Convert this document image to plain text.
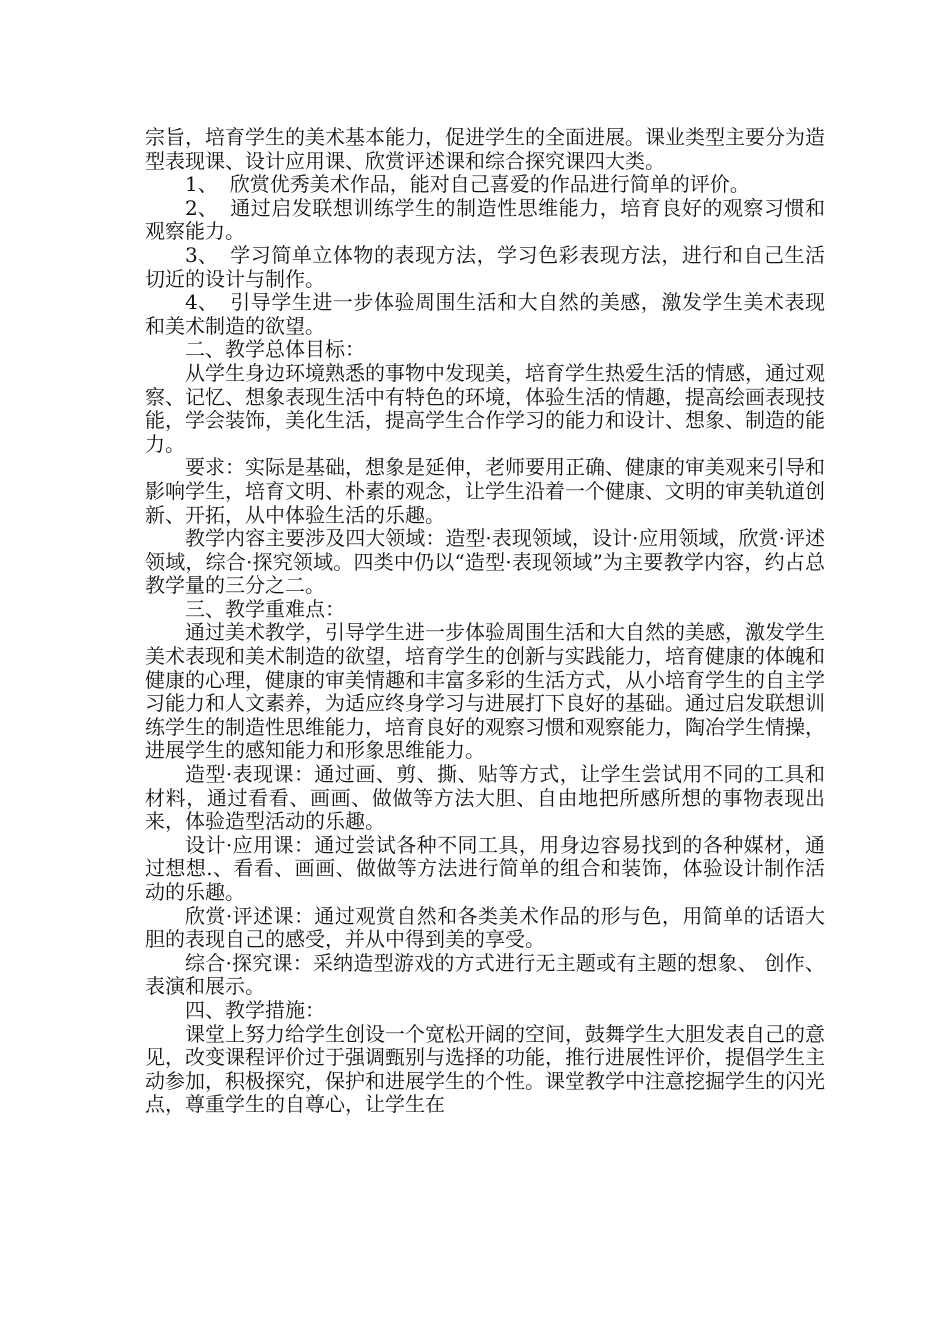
宗旨，培育学生的美术基本能力，促进学生的全面进展。课业类型主要分为造型表现课、设计应用课、欣赏评述课和综合探究课四大类。

1、 欣赏优秀美术作品，能对自己喜爱的作品进行简单的评价。

2、 通过启发联想训练学生的制造性思维能力，培育良好的观察习惯和观察能力。

3、 学习简单立体物的表现方法，学习色彩表现方法，进行和自己生活切近的设计与制作。

4、 引导学生进一步体验周围生活和大自然的美感，激发学生美术表现和美术制造的欲望。

二、教学总体目标：

从学生身边环境熟悉的事物中发现美，培育学生热爱生活的情感，通过观察、记忆、想象表现生活中有特色的环境，体验生活的情趣，提高绘画表现技能，学会装饰，美化生活，提高学生合作学习的能力和设计、想象、制造的能力。

要求：实际是基础，想象是延伸，老师要用正确、健康的审美观来引导和影响学生，培育文明、朴素的观念，让学生沿着一个健康、文明的审美轨道创新、开拓，从中体验生活的乐趣。

教学内容主要涉及四大领域：造型·表现领域，设计·应用领域，欣赏·评述领域，综合·探究领域。四类中仍以“造型·表现领域”为主要教学内容，约占总教学量的三分之二。

三、教学重难点：

通过美术教学，引导学生进一步体验周围生活和大自然的美感，激发学生美术表现和美术制造的欲望，培育学生的创新与实践能力，培育健康的体魄和健康的心理，健康的审美情趣和丰富多彩的生活方式，从小培育学生的自主学习能力和人文素养，为适应终身学习与进展打下良好的基础。通过启发联想训练学生的制造性思维能力，培育良好的观察习惯和观察能力，陶冶学生情操，进展学生的感知能力和形象思维能力。

造型·表现课：通过画、剪、撕、贴等方式，让学生尝试用不同的工具和材料，通过看看、画画、做做等方法大胆、自由地把所感所想的事物表现出来，体验造型活动的乐趣。

设计·应用课：通过尝试各种不同工具，用身边容易找到的各种媒材，通过想想.、看看、画画、做做等方法进行简单的组合和装饰，体验设计制作活动的乐趣。

欣赏·评述课：通过观赏自然和各类美术作品的形与色，用简单的话语大胆的表现自己的感受，并从中得到美的享受。

综合·探究课：采纳造型游戏的方式进行无主题或有主题的想象、 创作、表演和展示。

四、教学措施：

课堂上努力给学生创设一个宽松开阔的空间，鼓舞学生大胆发表自己的意见，改变课程评价过于强调甄别与选择的功能，推行进展性评价，提倡学生主动参加，积极探究，保护和进展学生的个性。课堂教学中注意挖掘学生的闪光点，尊重学生的自尊心，让学生在
